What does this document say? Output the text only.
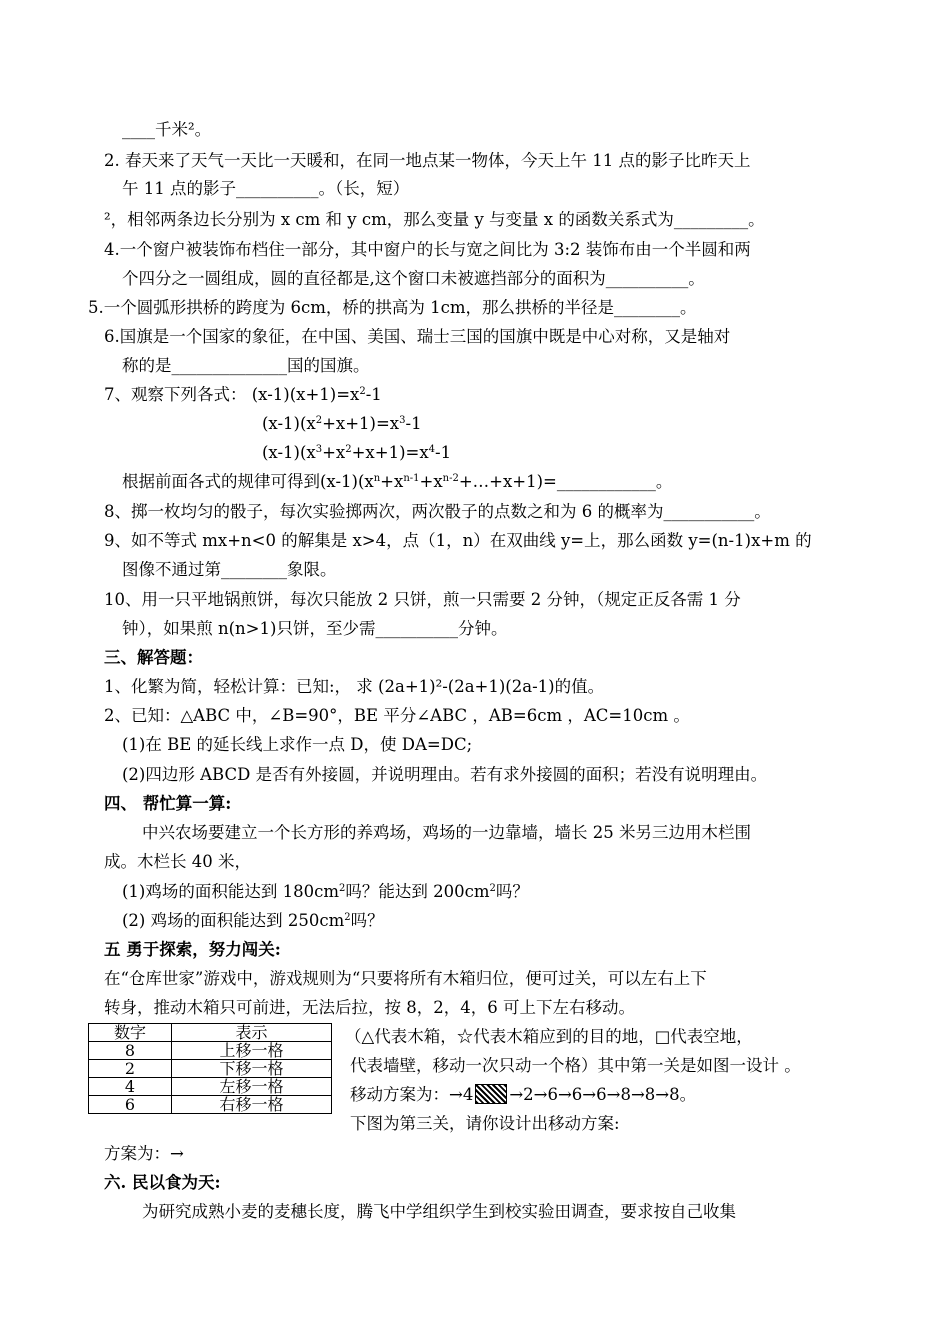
____千米²。
2. 春天来了天气一天比一天暖和，在同一地点某一物体，今天上午 11 点的影子比昨天上
午 11 点的影子__________。（长，短）
²，相邻两条边长分别为 x cm 和 y cm，那么变量 y 与变量 x 的函数关系式为_________。
4.一个窗户被装饰布档住一部分，其中窗户的长与宽之间比为 3:2 装饰布由一个半圆和两
个四分之一圆组成，圆的直径都是,这个窗口未被遮挡部分的面积为__________。
5.一个圆弧形拱桥的跨度为 6cm，桥的拱高为 1cm，那么拱桥的半径是________。
6.国旗是一个国家的象征，在中国、美国、瑞士三国的国旗中既是中心对称，又是轴对
称的是______________国的国旗。
7、观察下列各式： $(x-1)(x+1)=x^2-1$
$(x-1)(x^2+x+1)=x^3-1$
$(x-1)(x^3+x^2+x+1)=x^4-1$
根据前面各式的规律可得到$(x-1)(x^n+x^{n-1}+x^{n-2}+\dots+x+1)=\_\_\_\_\_\_\_\_\_\_\_\_$。
8、掷一枚均匀的骰子，每次实验掷两次，两次骰子的点数之和为 6 的概率为___________。
9、如不等式 mx+n<0 的解集是 x>4，点（1，n）在双曲线 y=上，那么函数 y=(n-1)x+m 的
图像不通过第________象限。
10、用一只平地锅煎饼，每次只能放 2 只饼，煎一只需要 2 分钟，（规定正反各需 1 分
钟），如果煎 n(n>1)只饼，至少需__________分钟。
三、解答题：
1、化繁为简，轻松计算：已知:， 求 (2a+1)²-(2a+1)(2a-1)的值。
2、已知：△ABC 中，∠B=90°，BE 平分∠ABC ，AB=6cm ，AC=10cm 。
(1)在 BE 的延长线上求作一点 D，使 DA=DC;
(2)四边形 ABCD 是否有外接圆，并说明理由。若有求外接圆的面积；若没有说明理由。
四、 帮忙算一算:
中兴农场要建立一个长方形的养鸡场，鸡场的一边靠墙，墙长 25 米另三边用木栏围
成。木栏长 40 米，
(1)鸡场的面积能达到 $180cm^2$吗？能达到 $200cm^2$吗？
(2) 鸡场的面积能达到 $250cm^2$吗？
五 勇于探索，努力闯关:
在“仓库世家”游戏中，游戏规则为“只要将所有木箱归位，便可过关，可以左右上下
转身，推动木箱只可前进，无法后拉，按 8，2，4，6 可上下左右移动。
数字	表示
8	上移一格
2	下移一格
4	左移一格
6	右移一格
（△代表木箱，☆代表木箱应到的目的地，□代表空地，
代表墙壁，移动一次只动一个格）其中第一关是如图一设计 。
移动方案为：→4 →2→6→6→6→8→8→8。
下图为第三关，请你设计出移动方案:
方案为：→
六. 民以食为天:
为研究成熟小麦的麦穗长度，腾飞中学组织学生到校实验田调查，要求按自己收集
